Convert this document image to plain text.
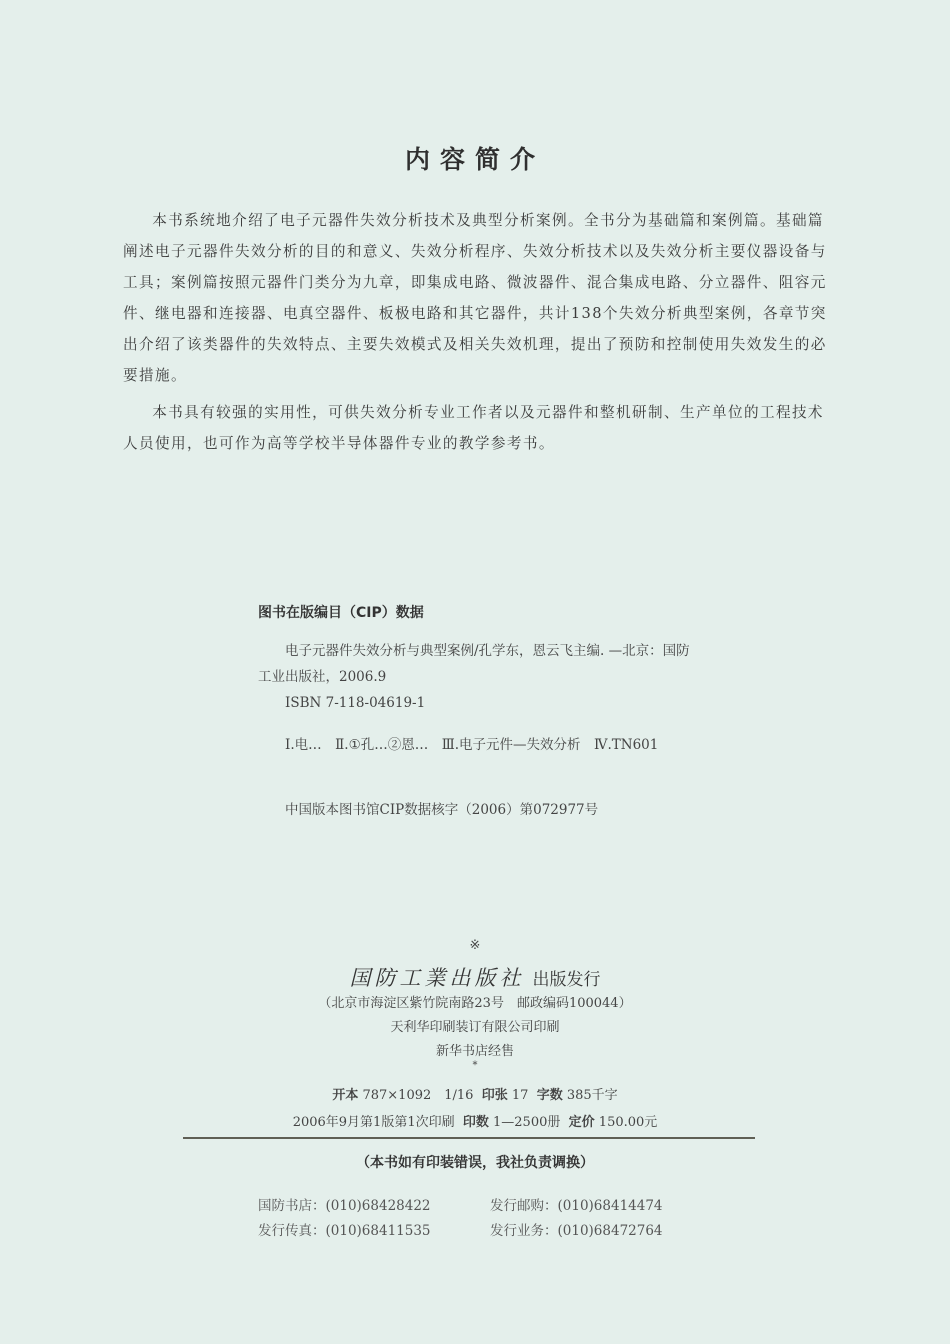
内容简介

本书系统地介绍了电子元器件失效分析技术及典型分析案例。全书分为基础篇和案例篇。基础篇阐述电子元器件失效分析的目的和意义、失效分析程序、失效分析技术以及失效分析主要仪器设备与工具；案例篇按照元器件门类分为九章，即集成电路、微波器件、混合集成电路、分立器件、阻容元件、继电器和连接器、电真空器件、板极电路和其它器件，共计138个失效分析典型案例，各章节突出介绍了该类器件的失效特点、主要失效模式及相关失效机理，提出了预防和控制使用失效发生的必要措施。

本书具有较强的实用性，可供失效分析专业工作者以及元器件和整机研制、生产单位的工程技术人员使用，也可作为高等学校半导体器件专业的教学参考书。

图书在版编目（CIP）数据

电子元器件失效分析与典型案例/孔学东，恩云飞主编. —北京：国防工业出版社，2006.9

ISBN 7-118-04619-1

Ⅰ.电…　Ⅱ.①孔…②恩…　Ⅲ.电子元件—失效分析　Ⅳ.TN601

中国版本图书馆CIP数据核字（2006）第072977号

※
国防工業出版社 出版发行
（北京市海淀区紫竹院南路23号　邮政编码100044）
天利华印刷装订有限公司印刷
新华书店经售
*
开本 787×1092　1/16 印张 17 字数 385千字
2006年9月第1版第1次印刷 印数 1—2500册 定价 150.00元
（本书如有印装错误，我社负责调换）
国防书店：(010)68428422	发行邮购：(010)68414474
发行传真：(010)68411535	发行业务：(010)68472764
